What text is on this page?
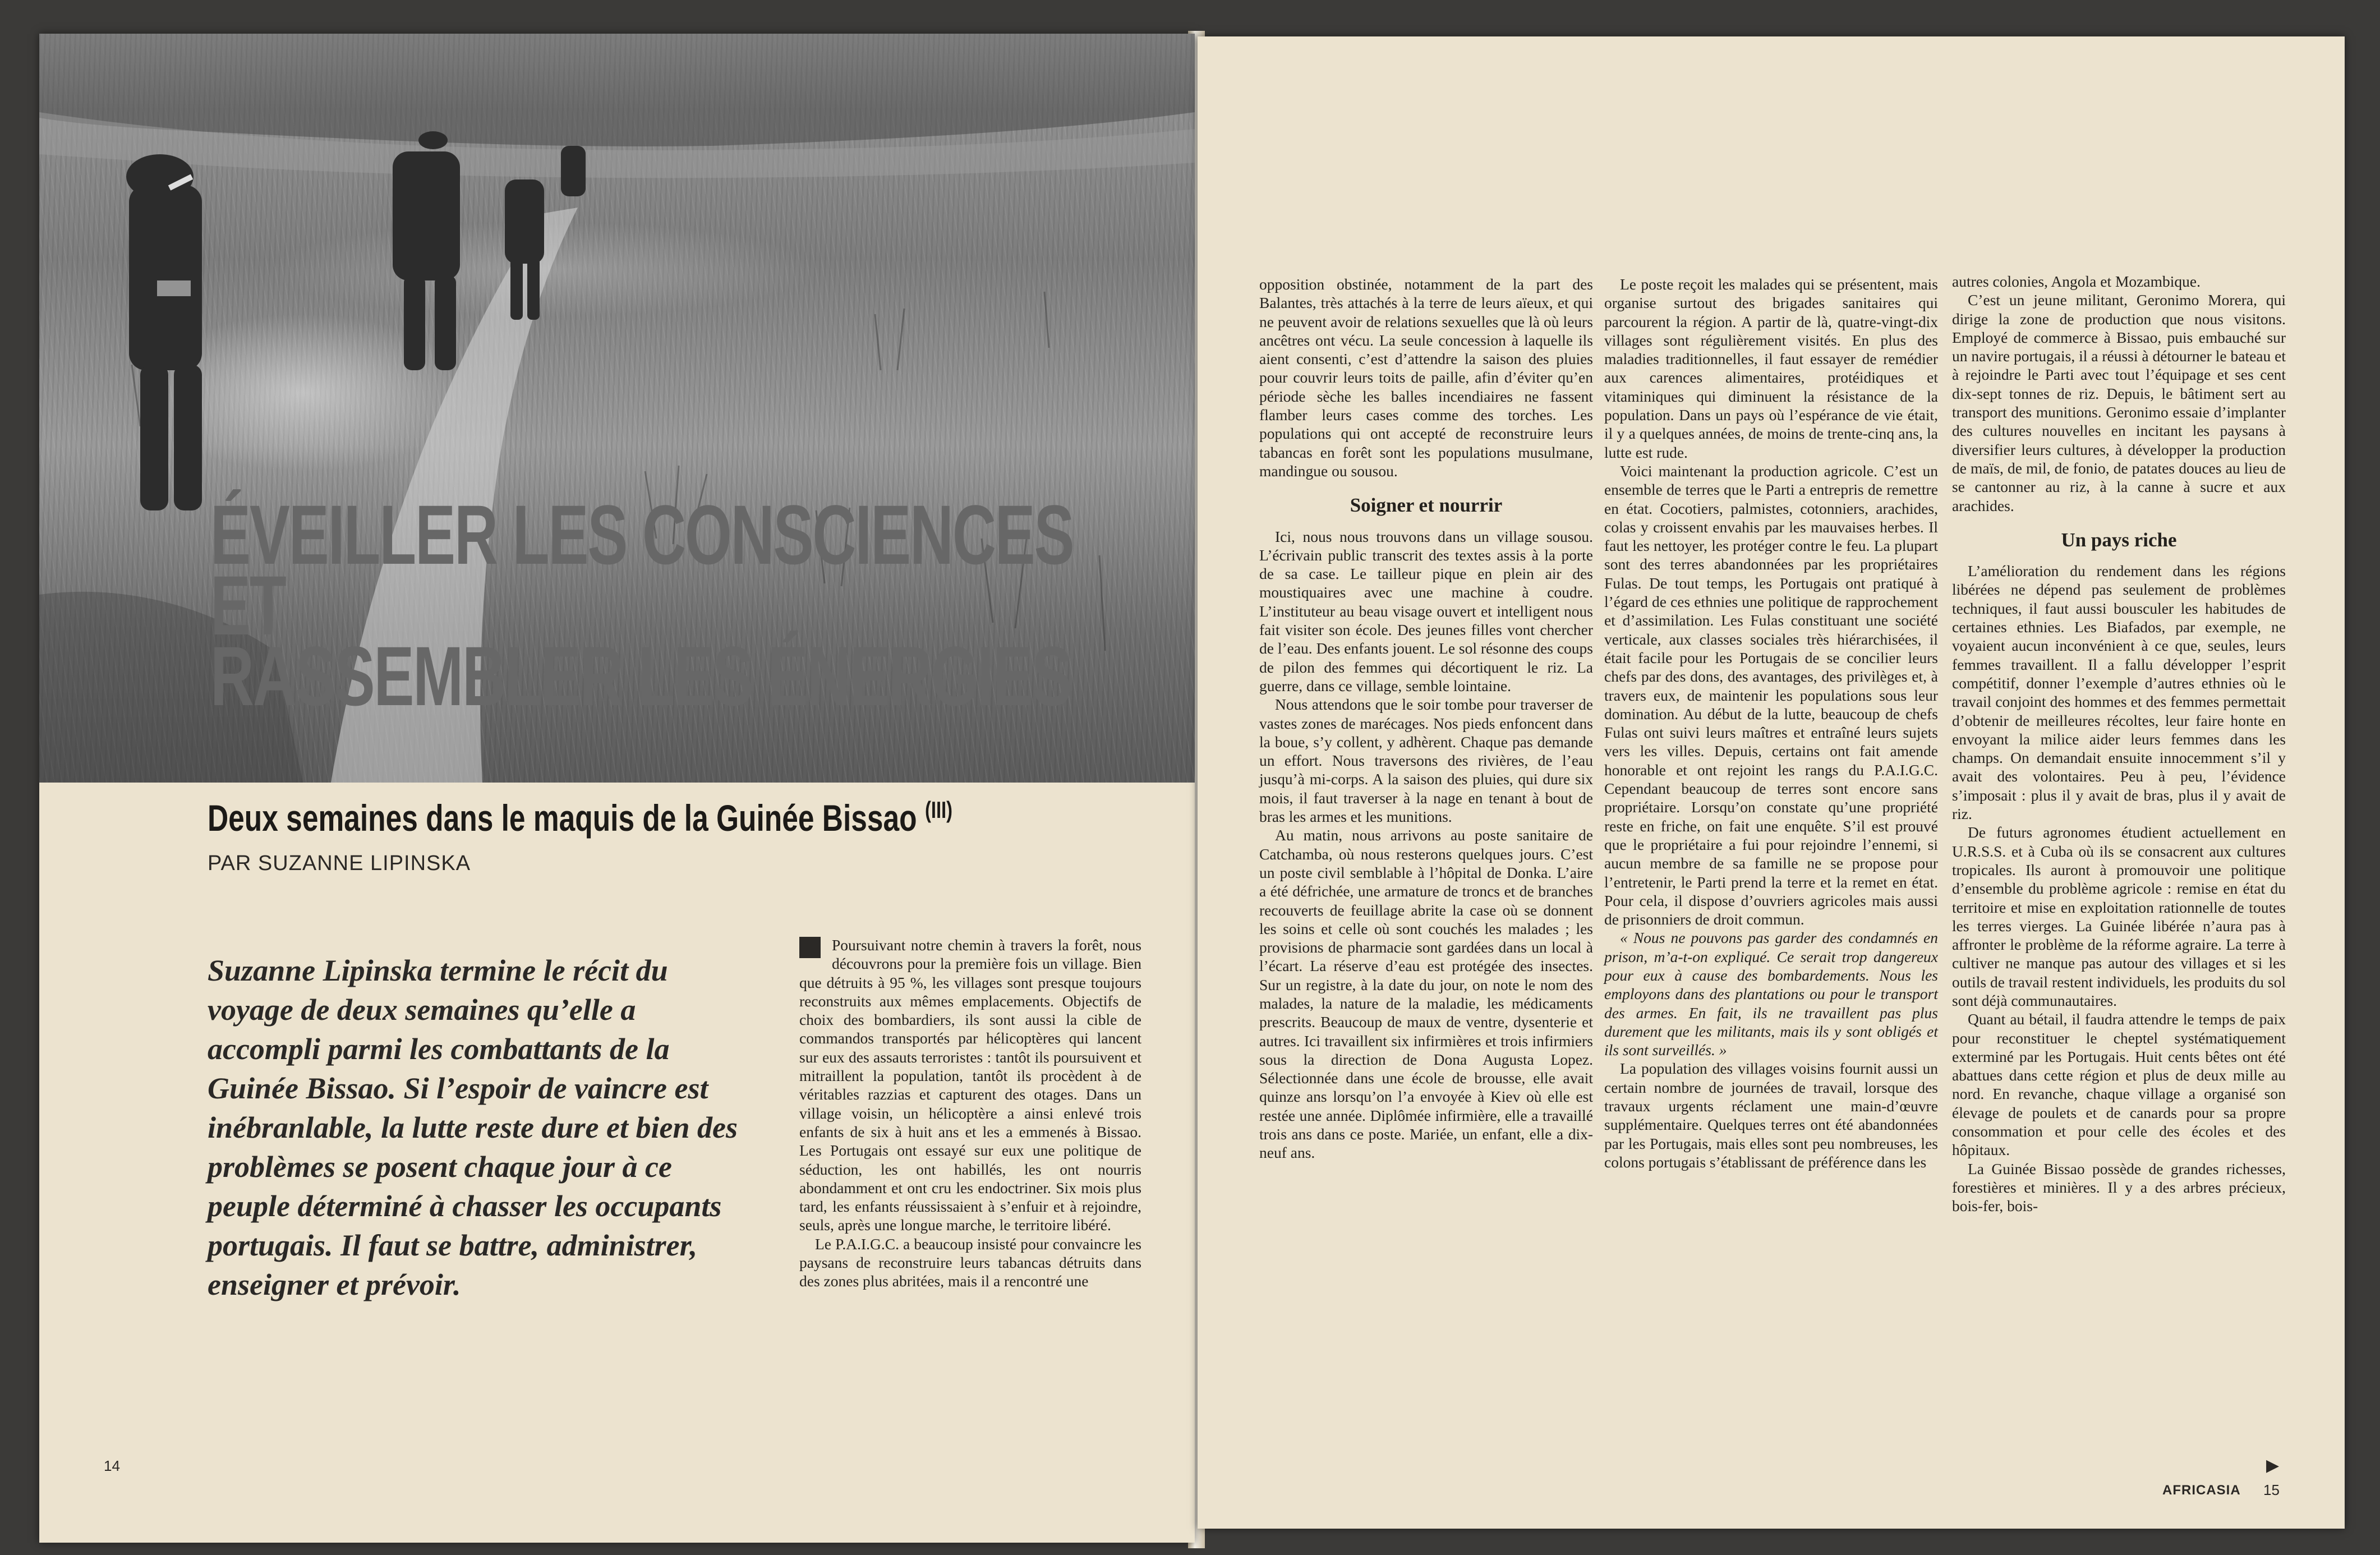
ÉVEILLER LES CONSCIENCES
ET
RASSEMBLER LES ÉNERGIES
Deux semaines dans le maquis de la Guinée Bissao $^{(III)}$
PAR SUZANNE LIPINSKA
Suzanne Lipinska termine le récit du voyage de deux semaines qu’elle a accompli parmi les combattants de la Guinée Bissao. Si l’espoir de vaincre est inébranlable, la lutte reste dure et bien des problèmes se posent chaque jour à ce peuple déterminé à chasser les occupants portugais. Il faut se battre, administrer, enseigner et prévoir.

Poursuivant notre chemin à travers la forêt, nous découvrons pour la première fois un village. Bien que détruits à 95 %, les villages sont presque toujours reconstruits aux mêmes emplacements. Objectifs de choix des bombardiers, ils sont aussi la cible de commandos transportés par hélicoptères qui lancent sur eux des assauts terroristes : tantôt ils poursuivent et mitraillent la population, tantôt ils procèdent à de véritables razzias et capturent des otages. Dans un village voisin, un hélicoptère a ainsi enlevé trois enfants de six à huit ans et les a emmenés à Bissao. Les Portugais ont essayé sur eux une politique de séduction, les ont habillés, les ont nourris abondamment et ont cru les endoctriner. Six mois plus tard, les enfants réussissaient à s’enfuir et à rejoindre, seuls, après une longue marche, le territoire libéré.

Le P.A.I.G.C. a beaucoup insisté pour convaincre les paysans de reconstruire leurs tabancas détruits dans des zones plus abritées, mais il a rencontré une

14

opposition obstinée, notamment de la part des Balantes, très attachés à la terre de leurs aïeux, et qui ne peuvent avoir de relations sexuelles que là où leurs ancêtres ont vécu. La seule concession à laquelle ils aient consenti, c’est d’attendre la saison des pluies pour couvrir leurs toits de paille, afin d’éviter qu’en période sèche les balles incendiaires ne fassent flamber leurs cases comme des torches. Les populations qui ont accepté de reconstruire leurs tabancas en forêt sont les populations musulmane, mandingue ou sousou.

Soigner et nourrir

Ici, nous nous trouvons dans un village sousou. L’écrivain public transcrit des textes assis à la porte de sa case. Le tailleur pique en plein air des moustiquaires avec une machine à coudre. L’instituteur au beau visage ouvert et intelligent nous fait visiter son école. Des jeunes filles vont chercher de l’eau. Des enfants jouent. Le sol résonne des coups de pilon des femmes qui décortiquent le riz. La guerre, dans ce village, semble lointaine.

Nous attendons que le soir tombe pour traverser de vastes zones de marécages. Nos pieds enfoncent dans la boue, s’y collent, y adhèrent. Chaque pas demande un effort. Nous traversons des rivières, de l’eau jusqu’à mi-corps. A la saison des pluies, qui dure six mois, il faut traverser à la nage en tenant à bout de bras les armes et les munitions.

Au matin, nous arrivons au poste sanitaire de Catchamba, où nous resterons quelques jours. C’est un poste civil semblable à l’hôpital de Donka. L’aire a été défrichée, une armature de troncs et de branches recouverts de feuillage abrite la case où se donnent les soins et celle où sont couchés les malades ; les provisions de pharmacie sont gardées dans un local à l’écart. La réserve d’eau est protégée des insectes. Sur un registre, à la date du jour, on note le nom des malades, la nature de la maladie, les médicaments prescrits. Beaucoup de maux de ventre, dysenterie et autres. Ici travaillent six infirmières et trois infirmiers sous la direction de Dona Augusta Lopez. Sélectionnée dans une école de brousse, elle avait quinze ans lorsqu’on l’a envoyée à Kiev où elle est restée une année. Diplômée infirmière, elle a travaillé trois ans dans ce poste. Mariée, un enfant, elle a dix-neuf ans.

Le poste reçoit les malades qui se présentent, mais organise surtout des brigades sanitaires qui parcourent la région. A partir de là, quatre-vingt-dix villages sont régulièrement visités. En plus des maladies traditionnelles, il faut essayer de remédier aux carences alimentaires, protéidiques et vitaminiques qui diminuent la résistance de la population. Dans un pays où l’espérance de vie était, il y a quelques années, de moins de trente-cinq ans, la lutte est rude.

Voici maintenant la production agricole. C’est un ensemble de terres que le Parti a entrepris de remettre en état. Cocotiers, palmistes, cotonniers, arachides, colas y croissent envahis par les mauvaises herbes. Il faut les nettoyer, les protéger contre le feu. La plupart sont des terres abandonnées par les propriétaires Fulas. De tout temps, les Portugais ont pratiqué à l’égard de ces ethnies une politique de rapprochement et d’assimilation. Les Fulas constituant une société verticale, aux classes sociales très hiérarchisées, il était facile pour les Portugais de se concilier leurs chefs par des dons, des avantages, des privilèges et, à travers eux, de maintenir les populations sous leur domination. Au début de la lutte, beaucoup de chefs Fulas ont suivi leurs maîtres et entraîné leurs sujets vers les villes. Depuis, certains ont fait amende honorable et ont rejoint les rangs du P.A.I.G.C. Cependant beaucoup de terres sont encore sans propriétaire. Lorsqu’on constate qu’une propriété reste en friche, on fait une enquête. S’il est prouvé que le propriétaire a fui pour rejoindre l’ennemi, si aucun membre de sa famille ne se propose pour l’entretenir, le Parti prend la terre et la remet en état. Pour cela, il dispose d’ouvriers agricoles mais aussi de prisonniers de droit commun.

« Nous ne pouvons pas garder des condamnés en prison, m’a-t-on expliqué. Ce serait trop dangereux pour eux à cause des bombardements. Nous les employons dans des plantations ou pour le transport des armes. En fait, ils ne travaillent pas plus durement que les militants, mais ils y sont obligés et ils sont surveillés. »

La population des villages voisins fournit aussi un certain nombre de journées de travail, lorsque des travaux urgents réclament une main-d’œuvre supplémentaire. Quelques terres ont été abandonnées par les Portugais, mais elles sont peu nombreuses, les colons portugais s’établissant de préférence dans les

autres colonies, Angola et Mozambique.

C’est un jeune militant, Geronimo Morera, qui dirige la zone de production que nous visitons. Employé de commerce à Bissao, puis embauché sur un navire portugais, il a réussi à détourner le bateau et à rejoindre le Parti avec tout l’équipage et ses cent dix-sept tonnes de riz. Depuis, le bâtiment sert au transport des munitions. Geronimo essaie d’implanter des cultures nouvelles en incitant les paysans à diversifier leurs cultures, à développer la production de maïs, de mil, de fonio, de patates douces au lieu de se cantonner au riz, à la canne à sucre et aux arachides.

Un pays riche

L’amélioration du rendement dans les régions libérées ne dépend pas seulement de problèmes techniques, il faut aussi bousculer les habitudes de certaines ethnies. Les Biafados, par exemple, ne voyaient aucun inconvénient à ce que, seules, leurs femmes travaillent. Il a fallu développer l’esprit compétitif, donner l’exemple d’autres ethnies où le travail conjoint des hommes et des femmes permettait d’obtenir de meilleures récoltes, leur faire honte en envoyant la milice aider leurs femmes dans les champs. On demandait ensuite innocemment s’il y avait des volontaires. Peu à peu, l’évidence s’imposait : plus il y avait de bras, plus il y avait de riz.

De futurs agronomes étudient actuellement en U.R.S.S. et à Cuba où ils se consacrent aux cultures tropicales. Ils auront à promouvoir une politique d’ensemble du problème agricole : remise en état du territoire et mise en exploitation rationnelle de toutes les terres vierges. La Guinée libérée n’aura pas à affronter le problème de la réforme agraire. La terre à cultiver ne manque pas autour des villages et si les outils de travail restent individuels, les produits du sol sont déjà communautaires.

Quant au bétail, il faudra attendre le temps de paix pour reconstituer le cheptel systématiquement exterminé par les Portugais. Huit cents bêtes ont été abattues dans cette région et plus de deux mille au nord. En revanche, chaque village a organisé son élevage de poulets et de canards pour sa propre consommation et pour celle des écoles et des hôpitaux.

La Guinée Bissao possède de grandes richesses, forestières et minières. Il y a des arbres précieux, bois-fer, bois-

▶
AFRICASIA 15
